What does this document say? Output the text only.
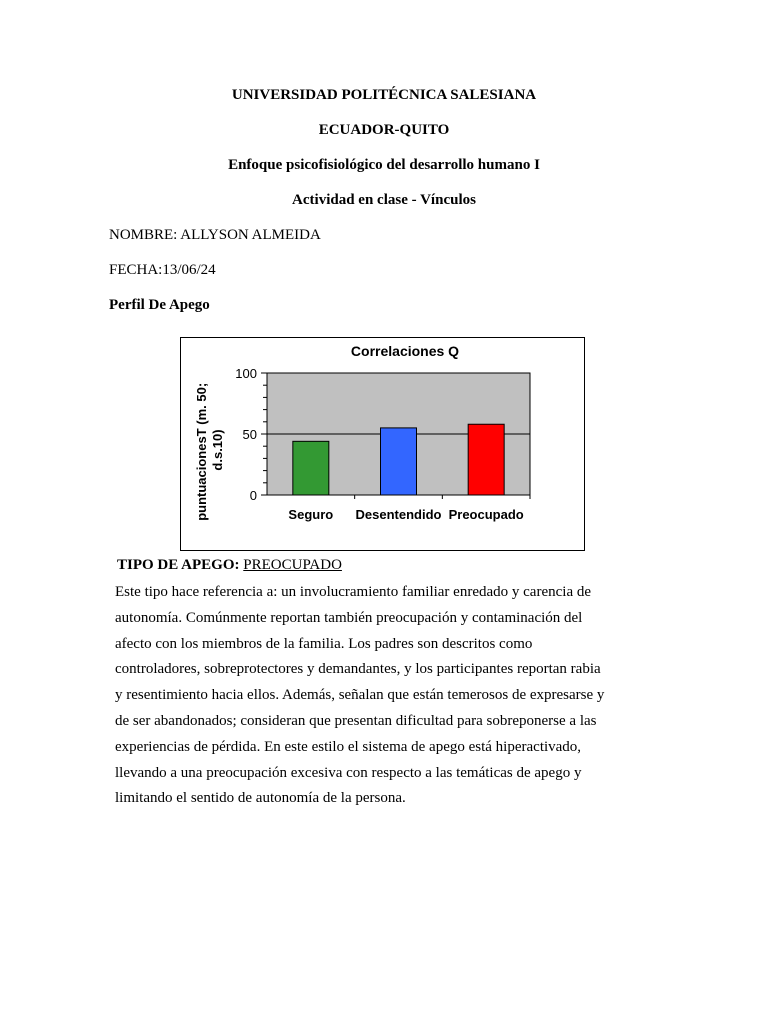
UNIVERSIDAD POLITÉCNICA SALESIANA
ECUADOR-QUITO
Enfoque psicofisiológico del desarrollo humano I
Actividad en clase - Vínculos
NOMBRE: ALLYSON ALMEIDA
FECHA:13/06/24
Perfil De Apego
Correlaciones Q
0
50
100
Seguro Desentendido Preocupado
puntuacionesT (m. 50; d.s.10)
TIPO DE APEGO: PREOCUPADO
Este tipo hace referencia a: un involucramiento familiar enredado y carencia de
autonomía. Comúnmente reportan también preocupación y contaminación del
afecto con los miembros de la familia. Los padres son descritos como
controladores, sobreprotectores y demandantes, y los participantes reportan rabia
y resentimiento hacia ellos. Además, señalan que están temerosos de expresarse y
de ser abandonados; consideran que presentan dificultad para sobreponerse a las
experiencias de pérdida. En este estilo el sistema de apego está hiperactivado,
llevando a una preocupación excesiva con respecto a las temáticas de apego y
limitando el sentido de autonomía de la persona.
